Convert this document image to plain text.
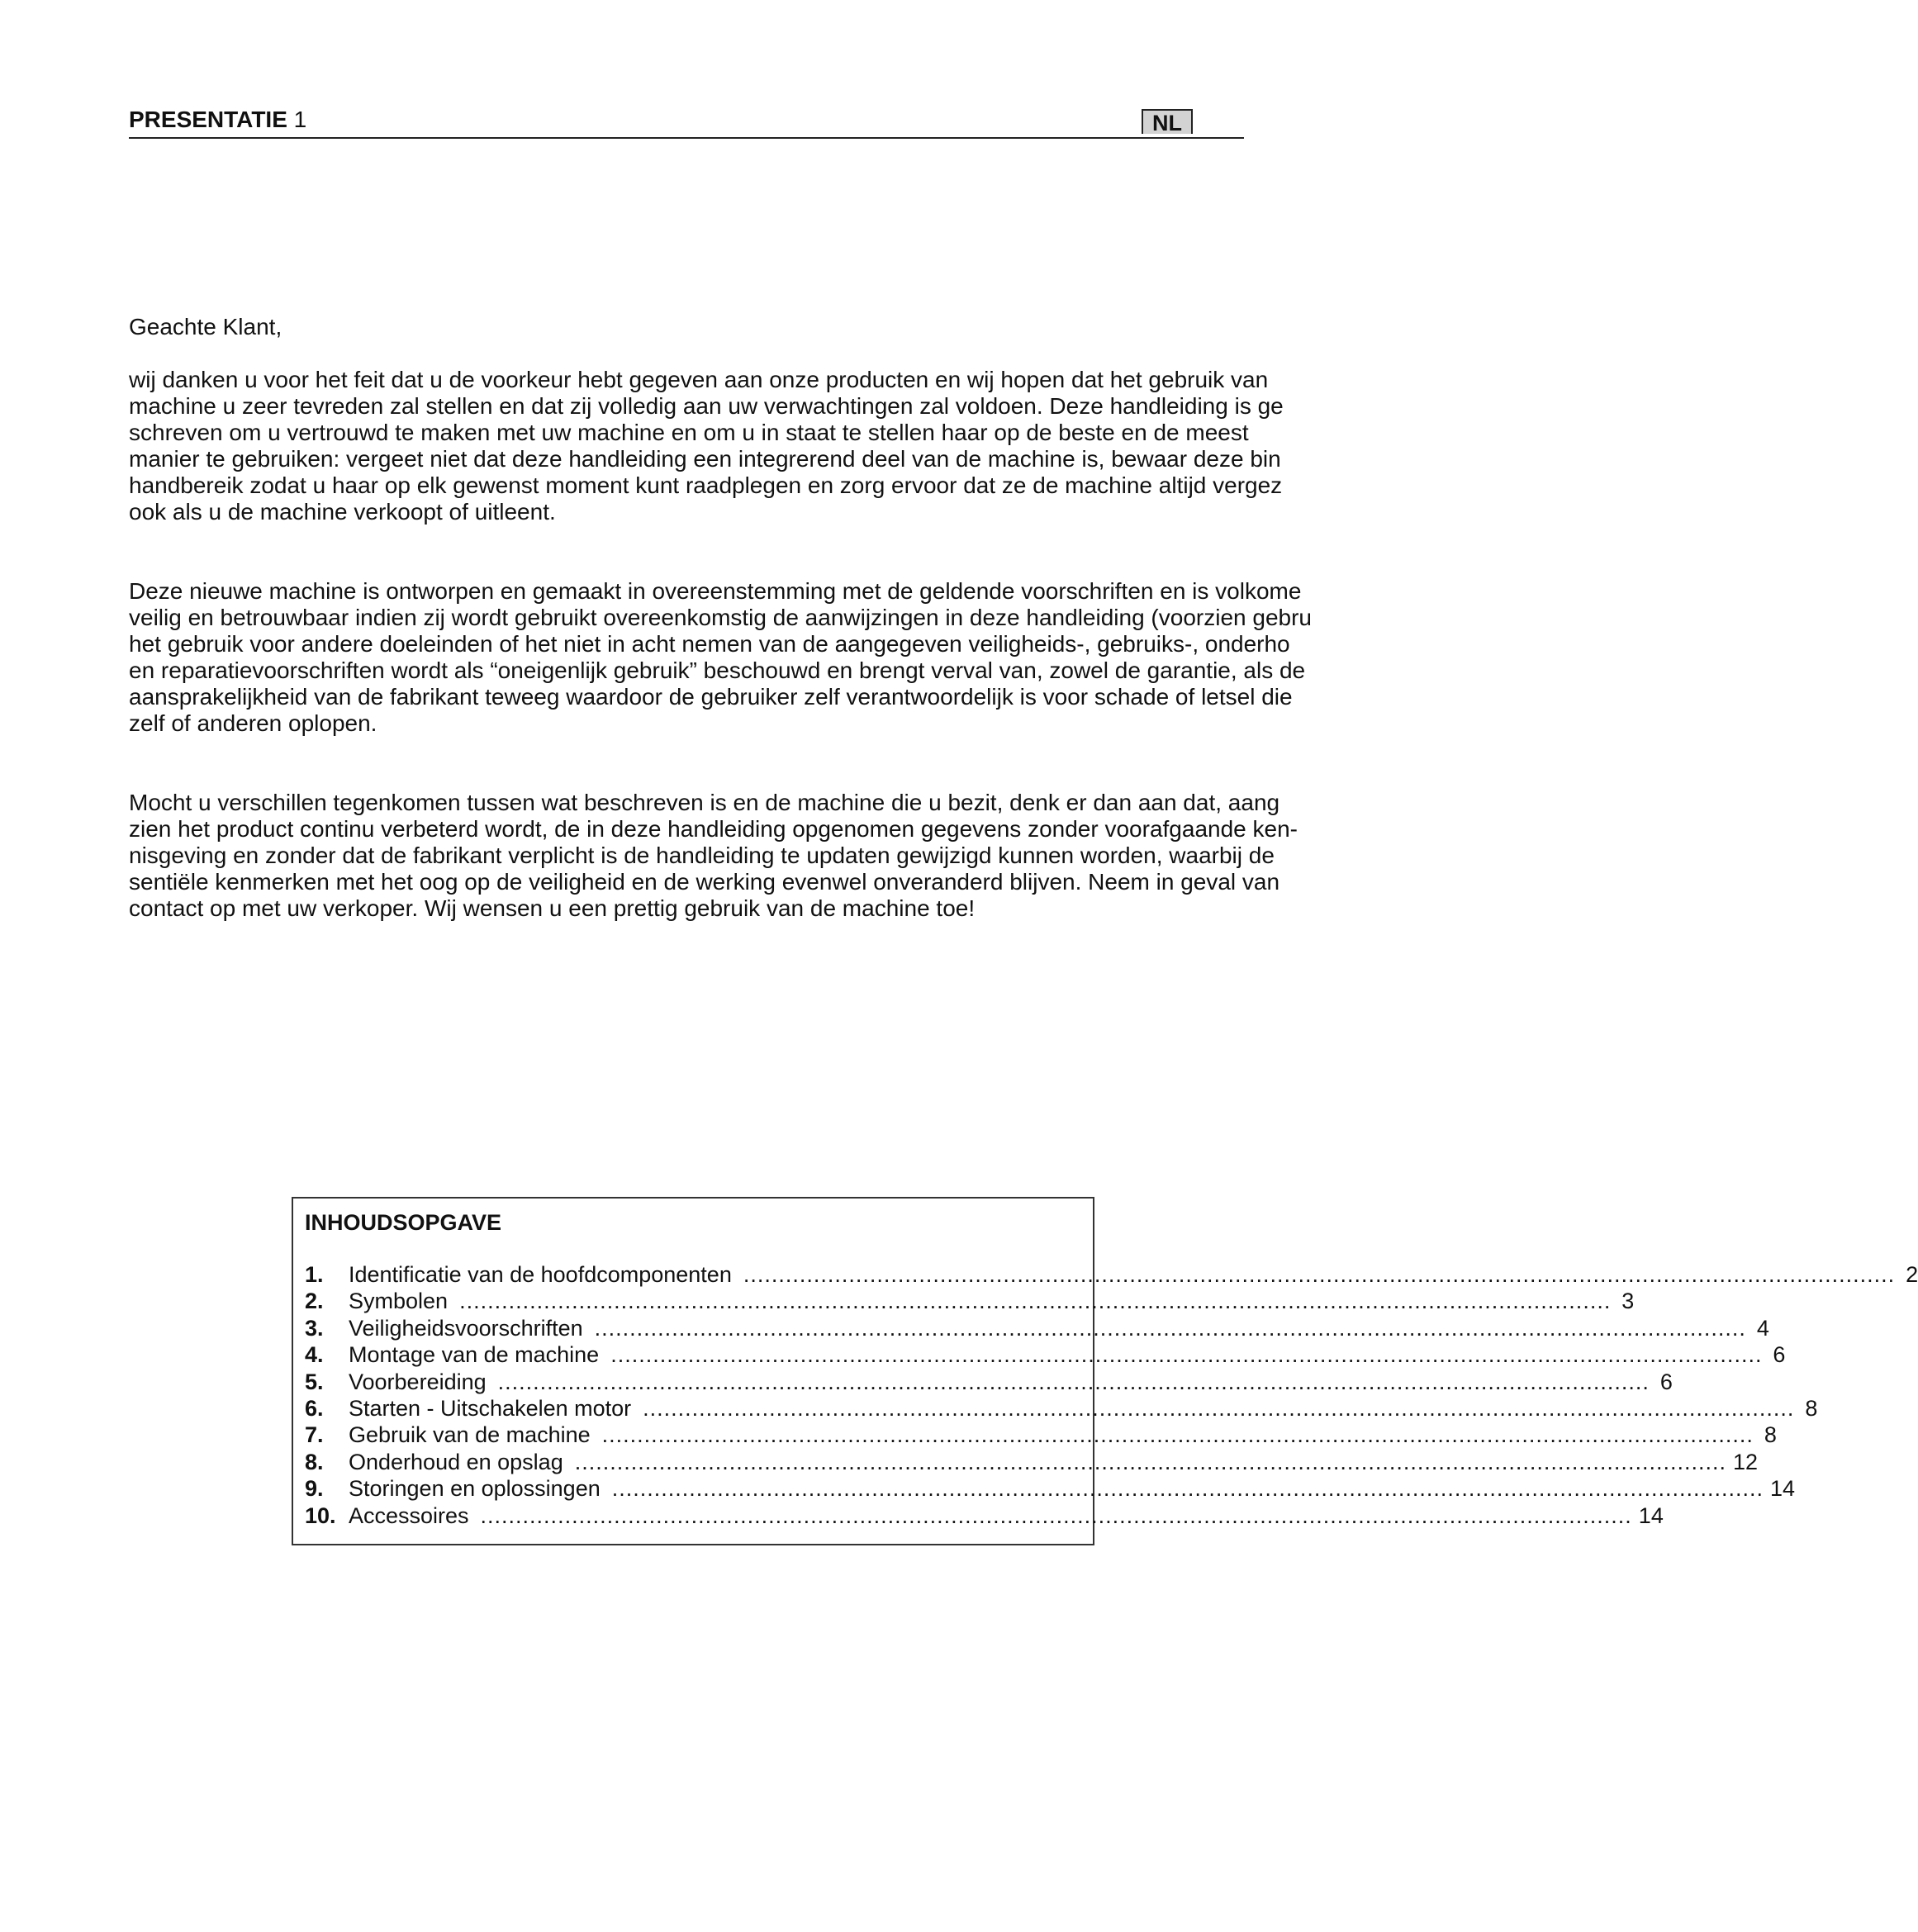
PRESENTATIE 1	NL

Geachte Klant,

wij danken u voor het feit dat u de voorkeur hebt gegeven aan onze producten en wij hopen dat het gebruik van
machine u zeer tevreden zal stellen en dat zij volledig aan uw verwachtingen zal voldoen. Deze handleiding is ge
schreven om u vertrouwd te maken met uw machine en om u in staat te stellen haar op de beste en de meest
manier te gebruiken: vergeet niet dat deze handleiding een integrerend deel van de machine is, bewaar deze bin
handbereik zodat u haar op elk gewenst moment kunt raadplegen en zorg ervoor dat ze de machine altijd vergez
ook als u de machine verkoopt of uitleent.

Deze nieuwe machine is ontworpen en gemaakt in overeenstemming met de geldende voorschriften en is volkome
veilig en betrouwbaar indien zij wordt gebruikt overeenkomstig de aanwijzingen in deze handleiding (voorzien gebru
het gebruik voor andere doeleinden of het niet in acht nemen van de aangegeven veiligheids-, gebruiks-, onderho
en reparatievoorschriften wordt als “oneigenlijk gebruik” beschouwd en brengt verval van, zowel de garantie, als de
aansprakelijkheid van de fabrikant teweeg waardoor de gebruiker zelf verantwoordelijk is voor schade of letsel die
zelf of anderen oplopen.

Mocht u verschillen tegenkomen tussen wat beschreven is en de machine die u bezit, denk er dan aan dat, aang
zien het product continu verbeterd wordt, de in deze handleiding opgenomen gegevens zonder voorafgaande ken-
nisgeving en zonder dat de fabrikant verplicht is de handleiding te updaten gewijzigd kunnen worden, waarbij de
sentiële kenmerken met het oog op de veiligheid en de werking evenwel onveranderd blijven. Neem in geval van
contact op met uw verkoper. Wij wensen u een prettig gebruik van de machine toe!

INHOUDSOPGAVE
1.	Identificatie van de hoofdcomponenten .................................................................................................................................................................... 2
2.	Symbolen .................................................................................................................................................................... 3
3.	Veiligheidsvoorschriften .................................................................................................................................................................... 4
4.	Montage van de machine .................................................................................................................................................................... 6
5.	Voorbereiding .................................................................................................................................................................... 6
6.	Starten - Uitschakelen motor .................................................................................................................................................................... 8
7.	Gebruik van de machine .................................................................................................................................................................... 8
8.	Onderhoud en opslag .................................................................................................................................................................... 12
9.	Storingen en oplossingen .................................................................................................................................................................... 14
10. Accessoires .................................................................................................................................................................... 14
